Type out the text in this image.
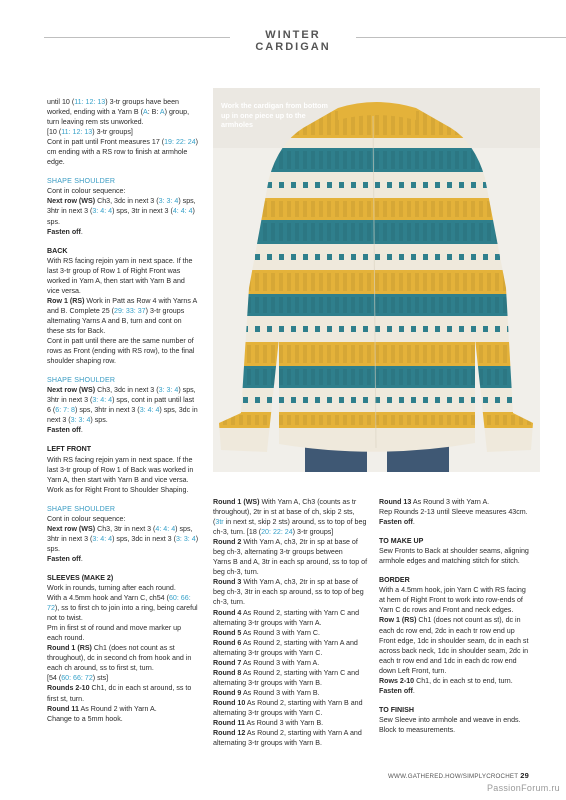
WINTER CARDIGAN

until 10 (11: 12: 13) 3-tr groups have been

worked, ending with a Yarn B (A: B: A) group,

turn leaving rem sts unworked.

[10 (11: 12: 13) 3-tr groups]

Cont in patt until Front measures 17 (19: 22: 24)

cm ending with a RS row to finish at armhole

edge.

SHAPE SHOULDER

Cont in colour sequence:

Next row (WS) Ch3, 3dc in next 3 (3: 3: 4) sps,

3htr in next 3 (3: 4: 4) sps, 3tr in next 3 (4: 4: 4)

sps.

Fasten off.

BACK

With RS facing rejoin yarn in next space. If the

last 3-tr group of Row 1 of Right Front was

worked in Yarn A, then start with Yarn B and

vice versa.

Row 1 (RS) Work in Patt as Row 4 with Yarns A

and B. Complete 25 (29: 33: 37) 3-tr groups

alternating Yarns A and B, turn and cont on

these sts for Back.

Cont in patt until there are the same number of

rows as Front (ending with RS row), to the final

shoulder shaping row.

SHAPE SHOULDER

Next row (WS) Ch3, 3dc in next 3 (3: 3: 4) sps,

3htr in next 3 (3: 4: 4) sps, cont in patt until last

6 (6: 7: 8) sps, 3htr in next 3 (3: 4: 4) sps, 3dc in

next 3 (3: 3: 4) sps.

Fasten off.

LEFT FRONT

With RS facing rejoin yarn in next space. If the

last 3-tr group of Row 1 of Back was worked in

Yarn A, then start with Yarn B and vice versa.

Work as for Right Front to Shoulder Shaping.

SHAPE SHOULDER

Cont in colour sequence:

Next row (WS) Ch3, 3tr in next 3 (4: 4: 4) sps,

3htr in next 3 (3: 4: 4) sps, 3dc in next 3 (3: 3: 4)

sps.

Fasten off.

SLEEVES (MAKE 2)

Work in rounds, turning after each round.

With a 4.5mm hook and Yarn C, ch54 (60: 66:

72), ss to first ch to join into a ring, being careful

not to twist.

Pm in first st of round and move marker up

each round.

Round 1 (RS) Ch1 (does not count as st

throughout), dc in second ch from hook and in

each ch around, ss to first st, turn.

[54 (60: 66: 72) sts]

Rounds 2-10 Ch1, dc in each st around, ss to

first st, turn.

Round 11 As Round 2 with Yarn A.

Change to a 5mm hook.

Work the cardigan from bottom up in one piece up to the armholes

Round 1 (WS) With Yarn A, Ch3 (counts as tr

throughout), 2tr in st at base of ch, skip 2 sts,

(3tr in next st, skip 2 sts) around, ss to top of beg

ch-3, turn. [18 (20: 22: 24) 3-tr groups]

Round 2 With Yarn A, ch3, 2tr in sp at base of

beg ch-3, alternating 3-tr groups between

Yarns B and A, 3tr in each sp around, ss to top of

beg ch-3, turn.

Round 3 With Yarn A, ch3, 2tr in sp at base of

beg ch-3, 3tr in each sp around, ss to top of beg

ch-3, turn.

Round 4 As Round 2, starting with Yarn C and

alternating 3-tr groups with Yarn A.

Round 5 As Round 3 with Yarn C.

Round 6 As Round 2, starting with Yarn A and

alternating 3-tr groups with Yarn C.

Round 7 As Round 3 with Yarn A.

Round 8 As Round 2, starting with Yarn C and

alternating 3-tr groups with Yarn B.

Round 9 As Round 3 with Yarn B.

Round 10 As Round 2, starting with Yarn B and

alternating 3-tr groups with Yarn C.

Round 11 As Round 3 with Yarn B.

Round 12 As Round 2, starting with Yarn A and

alternating 3-tr groups with Yarn B.

Round 13 As Round 3 with Yarn A.

Rep Rounds 2-13 until Sleeve measures 43cm.

Fasten off.

TO MAKE UP

Sew Fronts to Back at shoulder seams, aligning

armhole edges and matching stitch for stitch.

BORDER

With a 4.5mm hook, join Yarn C with RS facing

at hem of Right Front to work into row-ends of

Yarn C dc rows and Front and neck edges.

Row 1 (RS) Ch1 (does not count as st), dc in

each dc row end, 2dc in each tr row end up

Front edge, 1dc in shoulder seam, dc in each st

across back neck, 1dc in shoulder seam, 2dc in

each tr row end and 1dc in each dc row end

down Left Front, turn.

Rows 2-10 Ch1, dc in each st to end, turn.

Fasten off.

TO FINISH

Sew Sleeve into armhole and weave in ends.

Block to measurements.

WWW.GATHERED.HOW/SIMPLYCROCHET 29
PassionForum.ru
